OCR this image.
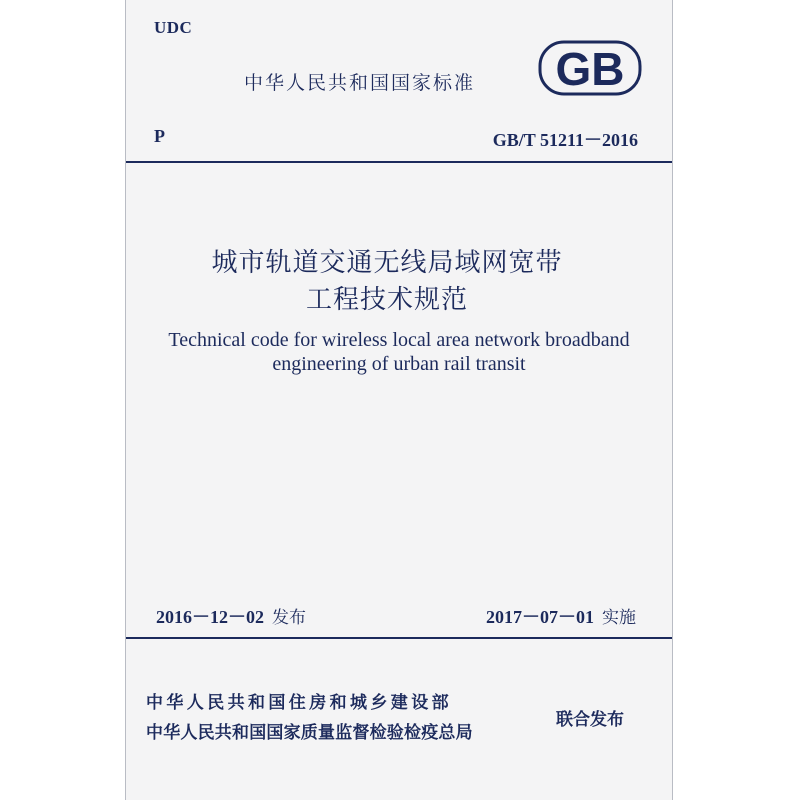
UDC
中华人民共和国国家标准 GB
P	GB/T 51211－2016
城市轨道交通无线局域网宽带
工程技术规范
Technical code for wireless local area network broadband
engineering of urban rail transit
2016－12－02 发布	2017－07－01 实施
中华人民共和国住房和城乡建设部
中华人民共和国国家质量监督检验检疫总局
联合发布
